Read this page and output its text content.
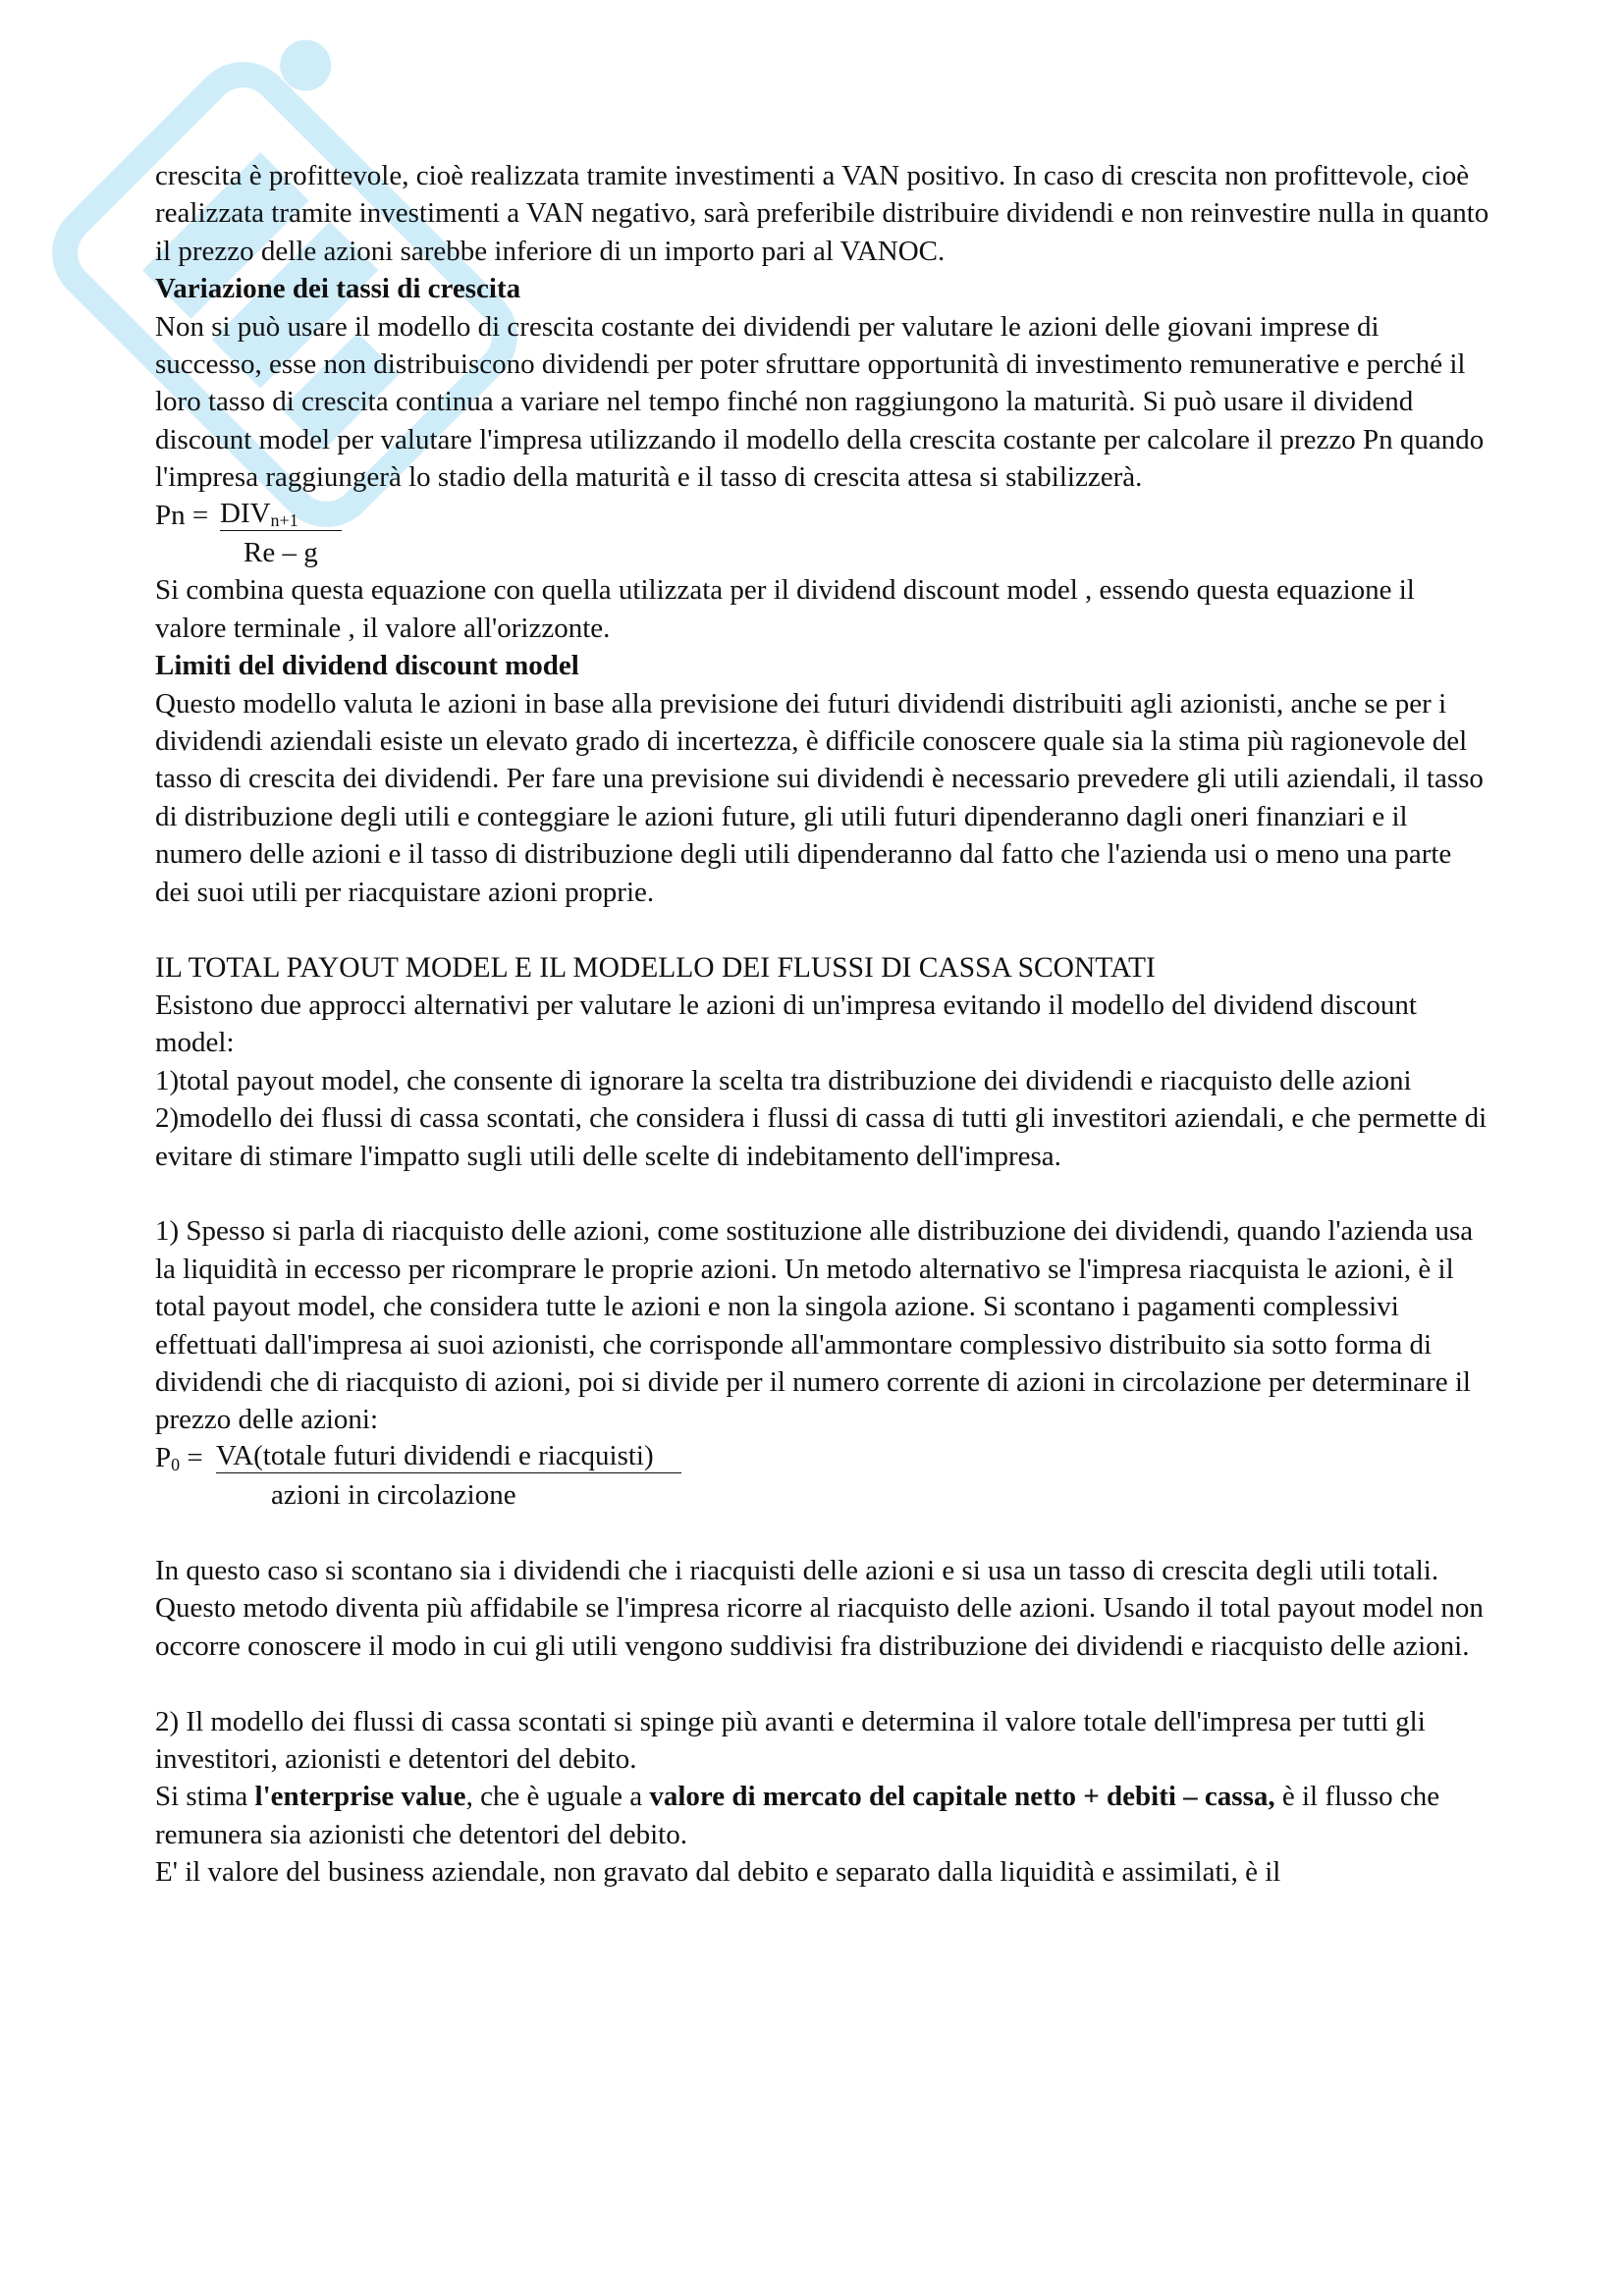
crescita è profittevole, cioè realizzata tramite investimenti a VAN positivo. In caso di crescita non profittevole, cioè realizzata tramite investimenti a VAN negativo, sarà preferibile distribuire dividendi e non reinvestire nulla in quanto il prezzo delle azioni sarebbe inferiore di un importo pari al VANOC.

Variazione dei tassi di crescita

Non si può usare il modello di crescita costante dei dividendi per valutare le azioni delle giovani imprese di successo, esse non distribuiscono dividendi per poter sfruttare opportunità di investimento remunerative e perché il loro tasso di crescita continua a variare nel tempo finché non raggiungono la maturità. Si può usare il dividend discount model per valutare l'impresa utilizzando il modello della crescita costante per calcolare il prezzo Pn quando l'impresa raggiungerà lo stadio della maturità e il tasso di crescita attesa si stabilizzerà.

$Pn = DIV_{n+1}$
Re – g

Si combina questa equazione con quella utilizzata per il dividend discount model , essendo questa equazione il valore terminale , il valore all'orizzonte.

Limiti del dividend discount model

Questo modello valuta le azioni in base alla previsione dei futuri dividendi distribuiti agli azionisti, anche se per i dividendi aziendali esiste un elevato grado di incertezza, è difficile conoscere quale sia la stima più ragionevole del tasso di crescita dei dividendi. Per fare una previsione sui dividendi è necessario prevedere gli utili aziendali, il tasso di distribuzione degli utili e conteggiare le azioni future, gli utili futuri dipenderanno dagli oneri finanziari e il numero delle azioni e il tasso di distribuzione degli utili dipenderanno dal fatto che l'azienda usi o meno una parte dei suoi utili per riacquistare azioni proprie.

IL TOTAL PAYOUT MODEL E IL MODELLO DEI FLUSSI DI CASSA SCONTATI

Esistono due approcci alternativi per valutare le azioni di un'impresa evitando il modello del dividend discount model:

1)total payout model, che consente di ignorare la scelta tra distribuzione dei dividendi e riacquisto delle azioni

2)modello dei flussi di cassa scontati, che considera i flussi di cassa di tutti gli investitori aziendali, e che permette di evitare di stimare l'impatto sugli utili delle scelte di indebitamento dell'impresa.

1) Spesso si parla di riacquisto delle azioni, come sostituzione alle distribuzione dei dividendi, quando l'azienda usa la liquidità in eccesso per ricomprare le proprie azioni. Un metodo alternativo se l'impresa riacquista le azioni, è il total payout model, che considera tutte le azioni e non la singola azione. Si scontano i pagamenti complessivi effettuati dall'impresa ai suoi azionisti, che corrisponde all'ammontare complessivo distribuito sia sotto forma di dividendi che di riacquisto di azioni, poi si divide per il numero corrente di azioni in circolazione per determinare il prezzo delle azioni:

$P_0$ = VA(totale futuri dividendi e riacquisti)
azioni in circolazione

In questo caso si scontano sia i dividendi che i riacquisti delle azioni e si usa un tasso di crescita degli utili totali. Questo metodo diventa più affidabile se l'impresa ricorre al riacquisto delle azioni. Usando il total payout model non occorre conoscere il modo in cui gli utili vengono suddivisi fra distribuzione dei dividendi e riacquisto delle azioni.

2) Il modello dei flussi di cassa scontati si spinge più avanti e determina il valore totale dell'impresa per tutti gli investitori, azionisti e detentori del debito.

Si stima l'enterprise value, che è uguale a valore di mercato del capitale netto + debiti – cassa, è il flusso che remunera sia azionisti che detentori del debito.

E' il valore del business aziendale, non gravato dal debito e separato dalla liquidità e assimilati, è il
